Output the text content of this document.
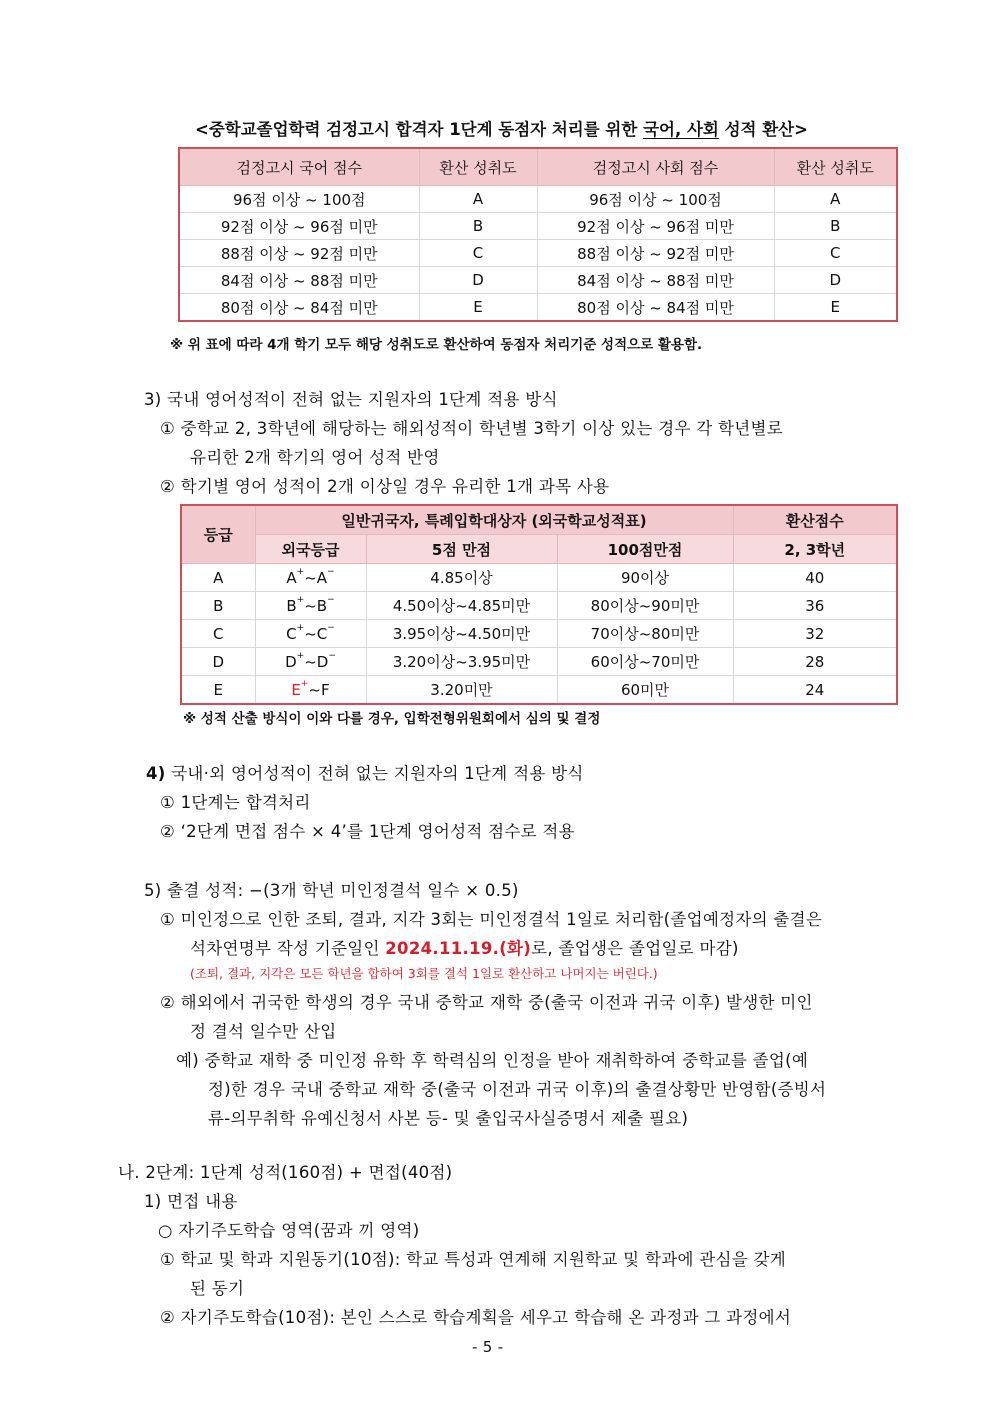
<중학교졸업학력 검정고시 합격자 1단계 동점자 처리를 위한 국어, 사회 성적 환산>
검정고시 국어 점수	환산 성취도	검정고시 사회 점수	환산 성취도
96점 이상 ~ 100점	A	96점 이상 ~ 100점	A
92점 이상 ~ 96점 미만	B	92점 이상 ~ 96점 미만	B
88점 이상 ~ 92점 미만	C	88점 이상 ~ 92점 미만	C
84점 이상 ~ 88점 미만	D	84점 이상 ~ 88점 미만	D
80점 이상 ~ 84점 미만	E	80점 이상 ~ 84점 미만	E
※ 위 표에 따라 4개 학기 모두 해당 성취도로 환산하여 동점자 처리기준 성적으로 활용함.
3) 국내 영어성적이 전혀 없는 지원자의 1단계 적용 방식
① 중학교 2, 3학년에 해당하는 해외성적이 학년별 3학기 이상 있는 경우 각 학년별로
유리한 2개 학기의 영어 성적 반영
② 학기별 영어 성적이 2개 이상일 경우 유리한 1개 과목 사용
등급	일반귀국자, 특례입학대상자 (외국학교성적표)			환산점수
	외국등급	5점 만점	100점만점	2, 3학년
A	A+~A−	4.85이상	90이상	40
B	B+~B−	4.50이상~4.85미만	80이상~90미만	36
C	C+~C−	3.95이상~4.50미만	70이상~80미만	32
D	D+~D−	3.20이상~3.95미만	60이상~70미만	28
E	E+~F	3.20미만	60미만	24
※ 성적 산출 방식이 이와 다를 경우, 입학전형위원회에서 심의 및 결정
4) 국내·외 영어성적이 전혀 없는 지원자의 1단계 적용 방식
① 1단계는 합격처리
② ‘2단계 면접 점수 × 4’를 1단계 영어성적 점수로 적용
5) 출결 성적: −(3개 학년 미인정결석 일수 × 0.5)
① 미인정으로 인한 조퇴, 결과, 지각 3회는 미인정결석 1일로 처리함(졸업예정자의 출결은
석차연명부 작성 기준일인 2024.11.19.(화)로, 졸업생은 졸업일로 마감)
(조퇴, 결과, 지각은 모든 학년을 합하여 3회를 결석 1일로 환산하고 나머지는 버린다.)
② 해외에서 귀국한 학생의 경우 국내 중학교 재학 중(출국 이전과 귀국 이후) 발생한 미인
정 결석 일수만 산입
예) 중학교 재학 중 미인정 유학 후 학력심의 인정을 받아 재취학하여 중학교를 졸업(예
정)한 경우 국내 중학교 재학 중(출국 이전과 귀국 이후)의 출결상황만 반영함(증빙서
류-의무취학 유예신청서 사본 등- 및 출입국사실증명서 제출 필요)
나. 2단계: 1단계 성적(160점) + 면접(40점)
1) 면접 내용
○ 자기주도학습 영역(꿈과 끼 영역)
① 학교 및 학과 지원동기(10점): 학교 특성과 연계해 지원학교 및 학과에 관심을 갖게
된 동기
② 자기주도학습(10점): 본인 스스로 학습계획을 세우고 학습해 온 과정과 그 과정에서
- 5 -
